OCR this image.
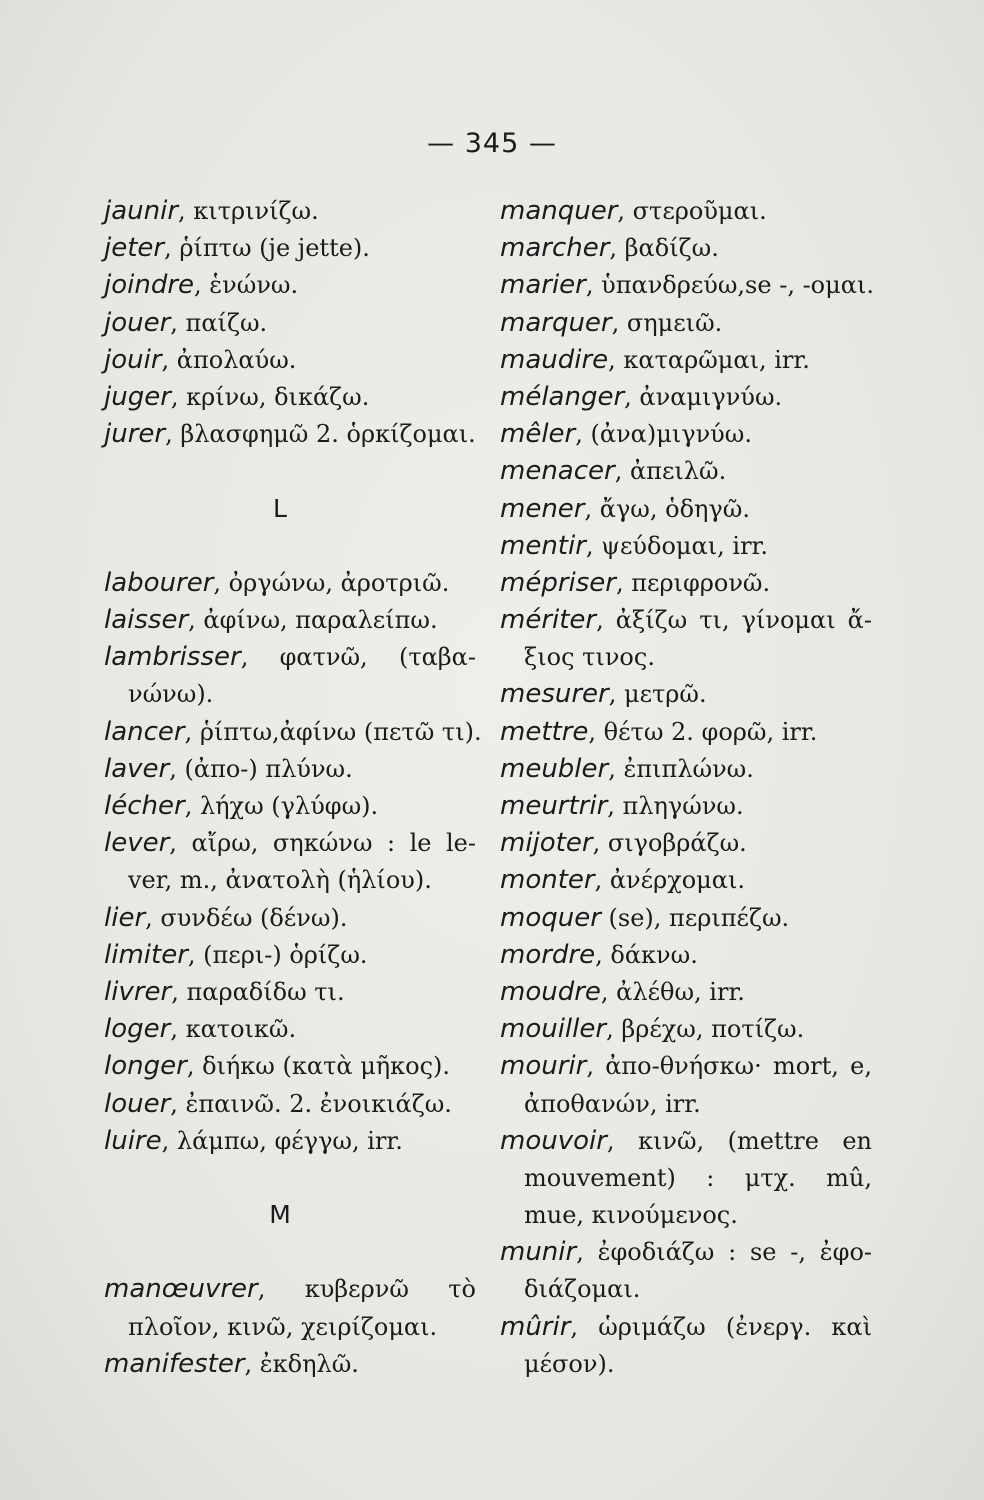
— 345 —
jaunir, κιτρινίζω.
jeter, ῥίπτω (je jette).
joindre, ἑνώνω.
jouer, παίζω.
jouir, ἀπολαύω.
juger, κρίνω, δικάζω.
jurer, βλασφημῶ 2. ὁρκίζομαι.
L
labourer, ὀργώνω, ἀροτριῶ.
laisser, ἀφίνω, παραλείπω.
lambrisser, φατνῶ, (ταβα-
νώνω).
lancer, ῥίπτω,ἀφίνω (πετῶ τι).
laver, (ἀπο-) πλύνω.
lécher, λήχω (γλύφω).
lever, αἴρω, σηκώνω : le le-
ver, m., ἀνατολὴ (ἡλίου).
lier, συνδέω (δένω).
limiter, (περι-) ὁρίζω.
livrer, παραδίδω τι.
loger, κατοικῶ.
longer, διήκω (κατὰ μῆκος).
louer, ἐπαινῶ. 2. ἐνοικιάζω.
luire, λάμπω, φέγγω, irr.
M
manœuvrer, κυβερνῶ τὸ
πλοῖον, κινῶ, χειρίζομαι.
manifester, ἐκδηλῶ.
manquer, στεροῦμαι.
marcher, βαδίζω.
marier, ὑπανδρεύω,se -, -ομαι.
marquer, σημειῶ.
maudire, καταρῶμαι, irr.
mélanger, ἀναμιγνύω.
mêler, (ἀνα)μιγνύω.
menacer, ἀπειλῶ.
mener, ἄγω, ὁδηγῶ.
mentir, ψεύδομαι, irr.
mépriser, περιφρονῶ.
mériter, ἀξίζω τι, γίνομαι ἄ-
ξιος τινος.
mesurer, μετρῶ.
mettre, θέτω 2. φορῶ, irr.
meubler, ἐπιπλώνω.
meurtrir, πληγώνω.
mijoter, σιγοβράζω.
monter, ἀνέρχομαι.
moquer (se), περιπέζω.
mordre, δάκνω.
moudre, ἀλέθω, irr.
mouiller, βρέχω, ποτίζω.
mourir, ἀπο-θνήσκω· mort, e,
ἀποθανών, irr.
mouvoir, κινῶ, (mettre en
mouvement) : μτχ. mû,
mue, κινούμενος.
munir, ἐφοδιάζω : se -, ἐφο-
διάζομαι.
mûrir, ὡριμάζω (ἐνεργ. καὶ
μέσον).
